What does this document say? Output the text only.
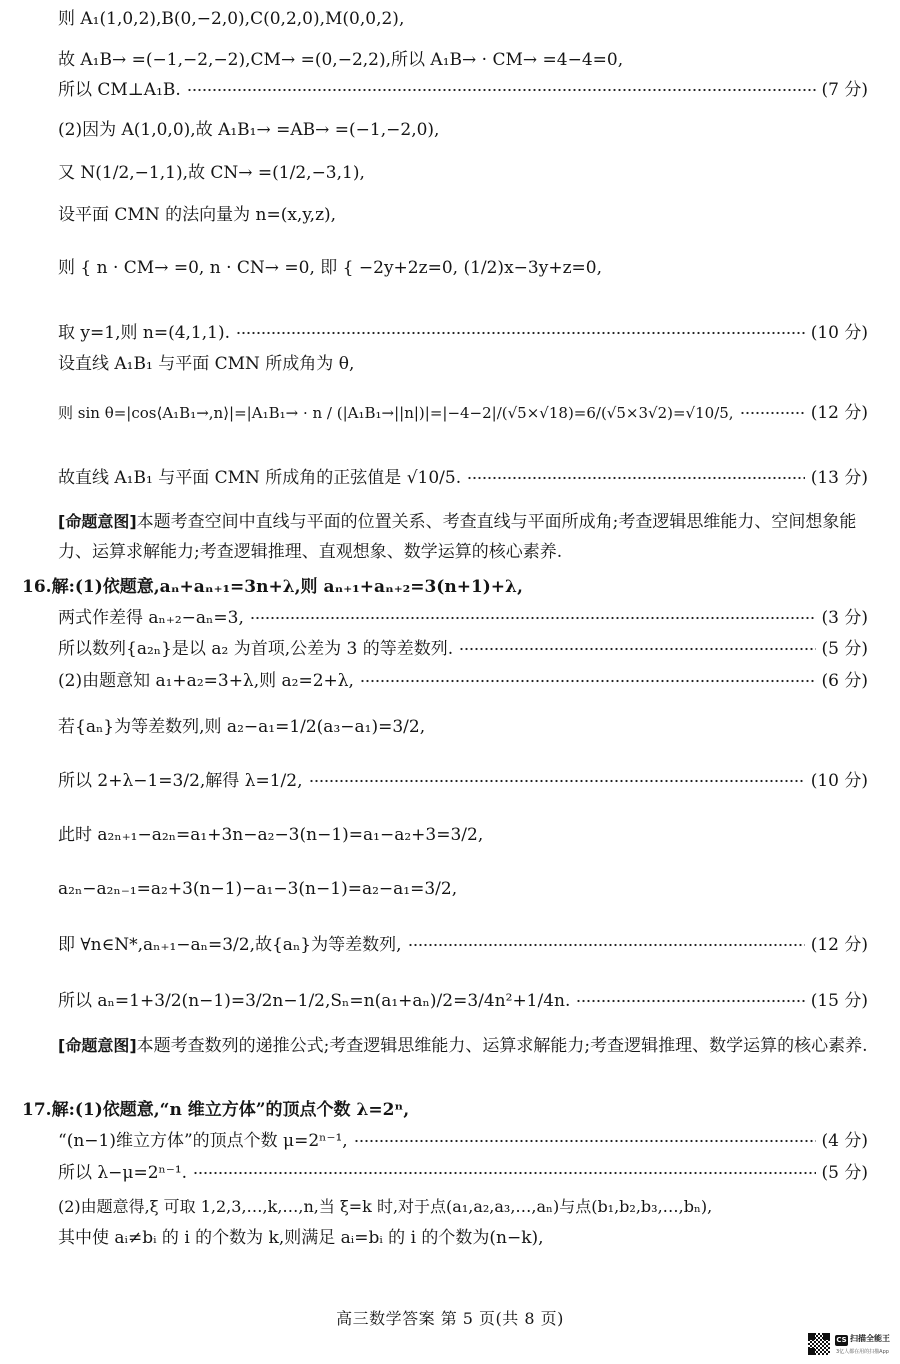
则 A₁(1,0,2),B(0,−2,0),C(0,2,0),M(0,0,2),
故 A₁B→ =(−1,−2,−2),CM→ =(0,−2,2),所以 A₁B→ · CM→ =4−4=0,
所以 CM⊥A₁B.	(7 分)
(2)因为 A(1,0,0),故 A₁B₁→ =AB→ =(−1,−2,0),
又 N(1/2,−1,1),故 CN→ =(1/2,−3,1),
设平面 CMN 的法向量为 n=(x,y,z),
则 { n · CM→ =0, n · CN→ =0, 即 { −2y+2z=0, (1/2)x−3y+z=0,
取 y=1,则 n=(4,1,1).	(10 分)
设直线 A₁B₁ 与平面 CMN 所成角为 θ,
则 sin θ=|cos⟨A₁B₁→,n⟩|=|A₁B₁→ · n / (|A₁B₁→||n|)|=|−4−2|/(√5×√18)=6/(√5×3√2)=√10/5,	(12 分)
故直线 A₁B₁ 与平面 CMN 所成角的正弦值是 √10/5.	(13 分)
[命题意图]本题考查空间中直线与平面的位置关系、考查直线与平面所成角;考查逻辑思维能力、空间想象能力、运算求解能力;考查逻辑推理、直观想象、数学运算的核心素养.
16.解:(1)依题意,aₙ+aₙ₊₁=3n+λ,则 aₙ₊₁+aₙ₊₂=3(n+1)+λ,
两式作差得 aₙ₊₂−aₙ=3,	(3 分)
所以数列{a₂ₙ}是以 a₂ 为首项,公差为 3 的等差数列.	(5 分)
(2)由题意知 a₁+a₂=3+λ,则 a₂=2+λ,	(6 分)
若{aₙ}为等差数列,则 a₂−a₁=1/2(a₃−a₁)=3/2,
所以 2+λ−1=3/2,解得 λ=1/2,	(10 分)
此时 a₂ₙ₊₁−a₂ₙ=a₁+3n−a₂−3(n−1)=a₁−a₂+3=3/2,
a₂ₙ−a₂ₙ₋₁=a₂+3(n−1)−a₁−3(n−1)=a₂−a₁=3/2,
即 ∀n∈N*,aₙ₊₁−aₙ=3/2,故{aₙ}为等差数列,	(12 分)
所以 aₙ=1+3/2(n−1)=3/2n−1/2,Sₙ=n(a₁+aₙ)/2=3/4n²+1/4n.	(15 分)
[命题意图]本题考查数列的递推公式;考查逻辑思维能力、运算求解能力;考查逻辑推理、数学运算的核心素养.
17.解:(1)依题意,“n 维立方体”的顶点个数 λ=2ⁿ,
“(n−1)维立方体”的顶点个数 μ=2ⁿ⁻¹,	(4 分)
所以 λ−μ=2ⁿ⁻¹.	(5 分)
(2)由题意得,ξ 可取 1,2,3,…,k,…,n,当 ξ=k 时,对于点(a₁,a₂,a₃,…,aₙ)与点(b₁,b₂,b₃,…,bₙ),
其中使 aᵢ≠bᵢ 的 i 的个数为 k,则满足 aᵢ=bᵢ 的 i 的个数为(n−k),
高三数学答案 第 5 页(共 8 页)
CS 扫描全能王
3亿人都在用的扫描App
